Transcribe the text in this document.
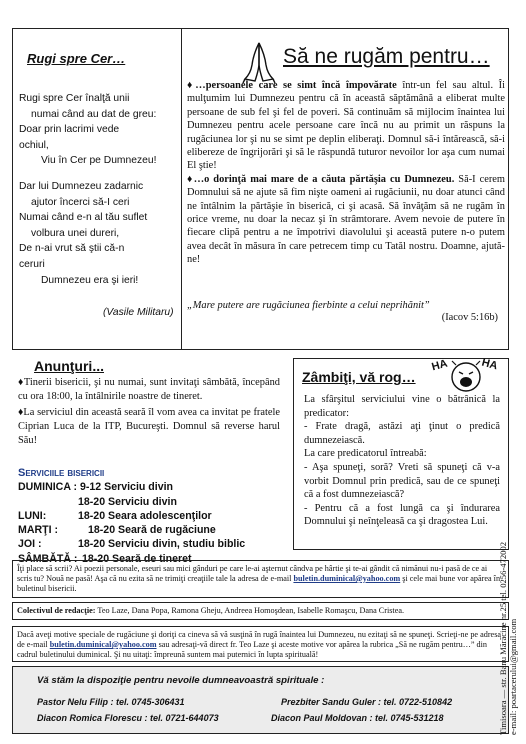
Rugi spre Cer…
Rugi spre Cer înalţă unii
numai când au dat de greu:
Doar prin lacrimi vede
ochiul,
Viu în Cer pe Dumnezeu!
Dar lui Dumnezeu zadarnic
ajutor încerci să-I ceri
Numai când e-n al tău suflet
volbura unei dureri,
De n-ai vrut să ştii că-n
ceruri
Dumnezeu era şi ieri!
(Vasile Militaru)
Să ne rugăm pentru…

♦…persoanele care se simt încă împovărate într-un fel sau altul. Îi mulţumim lui Dumnezeu pentru că în această săptămână a eliberat multe persoane de sub fel şi fel de poveri. Să continuăm să mijlocim înaintea lui Dumnezeu pentru acele persoane care încă nu au primit un răspuns la rugăciunea lor şi nu se simt pe deplin eliberaţi. Domnul să-i întărească, să-i elibereze de îngrijorări şi să le răspundă tuturor nevoilor lor aşa cum numai El ştie!

♦…o dorinţă mai mare de a căuta părtăşia cu Dumnezeu. Să-I cerem Domnului să ne ajute să fim nişte oameni ai rugăciunii, nu doar atunci când ne întâlnim la părtăşie în biserică, ci şi acasă. Să învăţăm să ne rugăm în orice vreme, nu doar la necaz şi în strâmtorare. Avem nevoie de putere în fiecare clipă pentru a ne împotrivi diavolului şi această putere n-o putem avea decât în măsura în care petrecem timp cu Tatăl nostru. Doamne, ajută-ne!

„Mare putere are rugăciunea fierbinte a celui neprihănit”
(Iacov 5:16b)
Anunţuri...

♦Tinerii bisericii, şi nu numai, sunt invitaţi sâmbătă, începând cu ora 18:00, la întâlnirile noastre de tineret.

♦La serviciul din această seară îl vom avea ca invitat pe fratele Ciprian Luca de la ITP, Bucureşti. Domnul să reverse harul Său!

Serviciile bisericii
DUMINICA : 9-12 Serviciu divin
18-20 Serviciu divin
LUNI:	18-20 Seara adolescenţilor
MARŢI :	18-20 Seară de rugăciune
JOI :	18-20 Serviciu divin, studiu biblic
SÂMBĂTĂ : 18-20 Seară de tineret
Zâmbiţi, vă rog…
HA	HA
La sfârşitul serviciului vine o bătrânică la predicator:
- Frate dragă, astăzi aţi ţinut o predică dumnezeiască.
La care predicatorul întreabă:
- Aşa spuneţi, soră? Vreti să spuneţi că v-a vorbit Domnul prin predică, sau de ce spuneţi că a fost dumnezeiască?
- Pentru că a fost lungă ca şi îndurarea Domnului şi neînţeleasă ca şi dragostea Lui.
Îţi place să scrii? Ai poezii personale, eseuri sau mici gânduri pe care le-ai aşternut cândva pe hârtie şi te-ai gândit că nimănui nu-i pasă de ce ai scris tu? Nouă ne pasă! Aşa că nu ezita să ne trimiţi creaţiile tale la adresa de e-mail buletin.duminical@yahoo.com şi cele mai bune vor apărea în buletinul bisericii.
Colectivul de redacţie: Teo Laze, Dana Popa, Ramona Gheju, Andreea Homoşdean, Isabelle Romaşcu, Dana Cristea.
Dacă aveţi motive speciale de rugăciune şi doriţi ca cineva să vă susţină în rugă înaintea lui Dumnezeu, nu ezitaţi să ne spuneţi. Scrieţi-ne pe adresa de e-mail buletin.duminical@yahoo.com sau adresaţi-vă direct fr. Teo Laze şi aceste motive vor apărea la rubrica „Să ne rugăm pentru…” din cadrul buletinului duminical. Şi nu uitaţi: împreună suntem mai puternici în lupta spirituală!
Vă stăm la dispoziţie pentru nevoile dumneavoastră spirituale :
Pastor Nelu Filip : tel. 0745-306431
Diacon Romica Florescu : tel. 0721-644073
Prezbiter Sandu Guler : tel. 0722-510842
Diacon Paul Moldovan : tel. 0745-531218	Timisoara — str. Banu Mărăcine nr.25 tel. 0256-472002 e-mail: poartacerului@gmail.com
